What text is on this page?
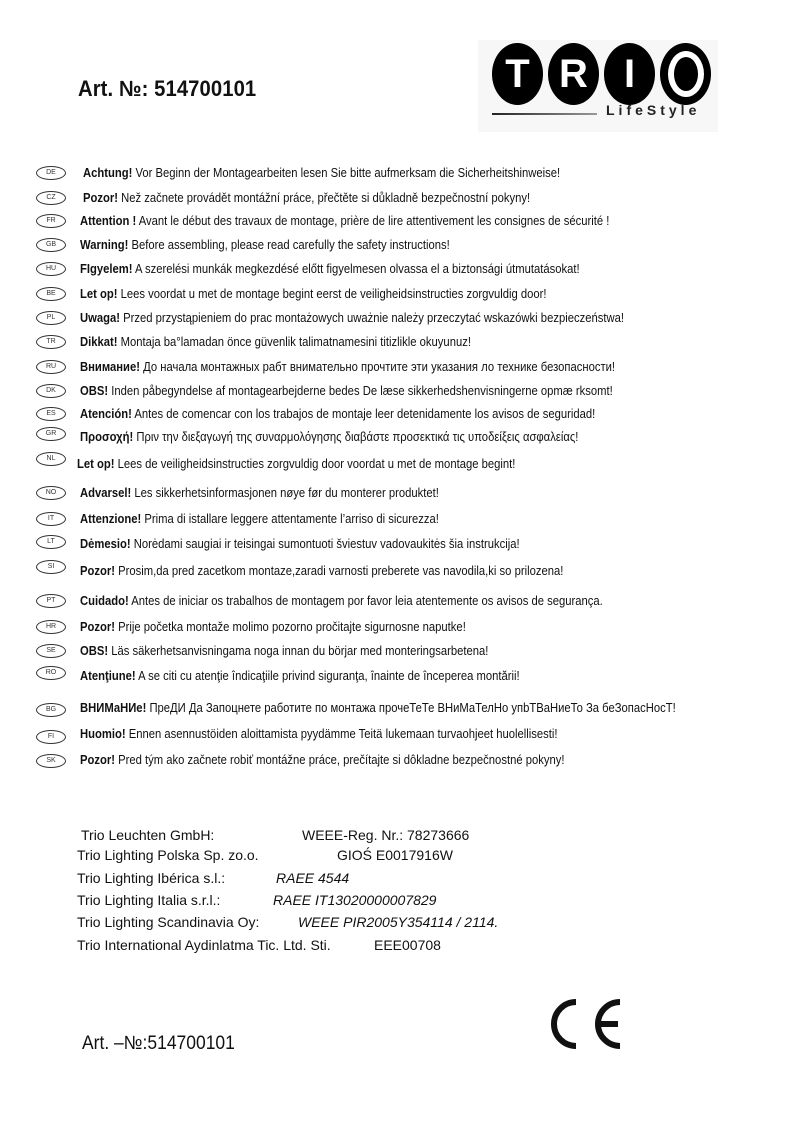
Art. №: 514700101	T R I
LifeStyle
DE	Achtung! Vor Beginn der Montagearbeiten lesen Sie bitte aufmerksam die Sicherheitshinweise!
CZ	Pozor! Než začnete provádět montážní práce, přečtěte si důkladně bezpečnostní pokyny!
FR	Attention ! Avant le début des travaux de montage, prière de lire attentivement les consignes de sécurité !
GB	Warning! Before assembling, please read carefully the safety instructions!
HU	FIgyelem! A szerelési munkák megkezdésé előtt figyelmesen olvassa el a biztonsági útmutatásokat!
BE	Let op! Lees voordat u met de montage begint eerst de veiligheidsinstructies zorgvuldig door!
PL	Uwaga! Przed przystąpieniem do prac montażowych uważnie należy przeczytać wskazówki bezpieczeństwa!
TR	Dikkat! Montaja ba°lamadan önce güvenlik talimatnamesini titizlikle okuyunuz!
RU	Внимание! До начала монтажных рабт внимательно прочтите эти указания ло технике безопасности!
DK	OBS! Inden påbegyndelse af montagearbejderne bedes De læse sikkerhedshenvisningerne opmæ rksomt!
ES	Atención! Antes de comencar con los trabajos de montaje leer detenidamente los avisos de seguridad!
GR	Προσοχή! Πριν την διεξαγωγή της συναρμολόγησης διαβάστε προσεκτικά τις υποδείξεις ασφαλείας!
NL	Let op! Lees de veiligheidsinstructies zorgvuldig door voordat u met de montage begint!
NO	Advarsel! Les sikkerhetsinformasjonen nøye før du monterer produktet!
IT	Attenzione! Prima di istallare leggere attentamente l’arriso di sicurezza!
LT	Dėmesio! Norėdami saugiai ir teisingai sumontuoti šviestuv vadovaukitės šia instrukcija!
SI	Pozor! Prosim,da pred zacetkom montaze,zaradi varnosti preberete vas navodila,ki so prilozena!
PT	Cuidado! Antes de iniciar os trabalhos de montagem por favor leia atentemente os avisos de segurança.
HR	Pozor! Prije početka montaže molimo pozorno pročitajte sigurnosne naputke!
SE	OBS! Läs säkerhetsanvisningama noga innan du börjar med monteringsarbetena!
RO	Atenţiune! A se citi cu atenţie îndicaţiile privind siguranţa, înainte de începerea montării!
BG	ВНИМаНИе! ПреДИ Да Запоцнете работите по монтажа прочеТеТе ВНиМаТелНо упbТВаНиеТо За беЗопасНосТ!
FI	Huomio! Ennen asennustöiden aloittamista pyydämme Teitä lukemaan turvaohjeet huolellisesti!
SK	Pozor! Pred tým ako začnete robiť montážne práce, prečítajte si dôkladne bezpečnostné pokyny!
Trio Leuchten GmbH:	WEEE-Reg. Nr.: 78273666
Trio Lighting Polska Sp. zo.o.	GIOŚ E0017916W
Trio Lighting Ibérica s.l.:	RAEE 4544
Trio Lighting Italia s.r.l.:	RAEE IT13020000007829
Trio Lighting Scandinavia Oy:	WEEE PIR2005Y354114 / 2114.
Trio International Aydinlatma Tic. Ltd. Sti.	EEE00708
Art. –№:514700101
